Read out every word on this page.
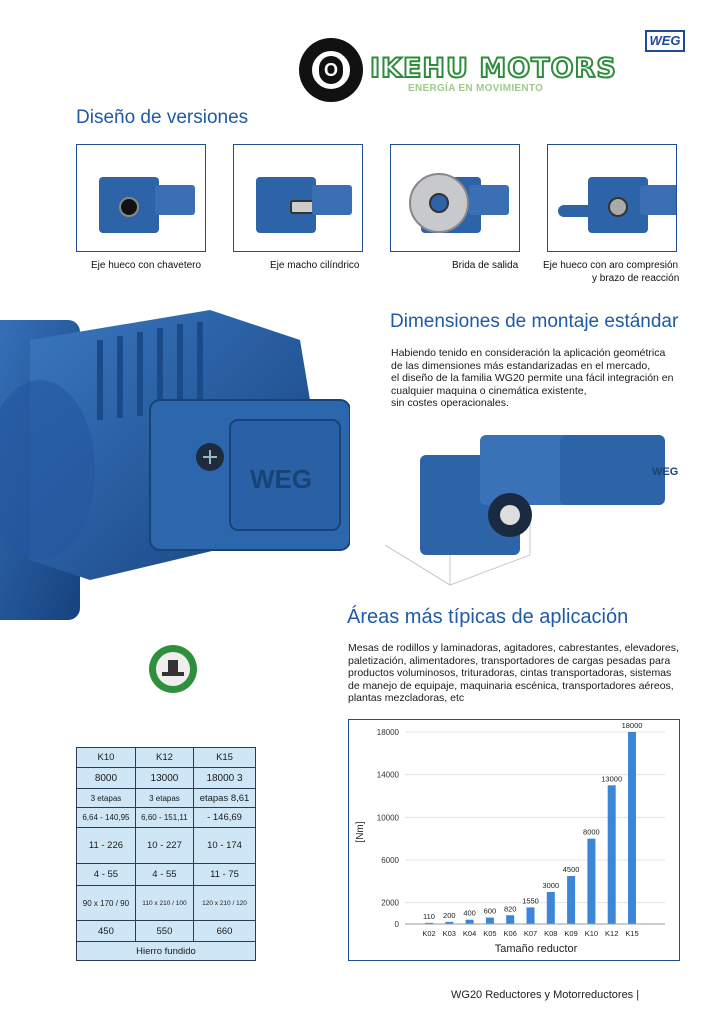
O IKEHU MOTORS
ENERGÍA EN MOVIMIENTO
WEG
Diseño de versiones
Eje hueco con chavetero	Eje macho cilíndrico	Brida de salida Eje hueco con aro compresión
y brazo de reacción
WEG
Dimensiones de montaje estándar

Habiendo tenido en consideración la aplicación geométrica

de las dimensiones más estandarizadas en el mercado,

el diseño de la familia WG20 permite una fácil integración en

cualquier maquina o cinemática existente,

sin costes operacionales.

WEG
Áreas más típicas de aplicación

Mesas de rodillos y laminadoras, agitadores, cabrestantes, elevadores,

paletización, alimentadores, transportadores de cargas pesadas para

productos voluminosos, trituradoras, cintas transportadoras, sistemas

de manejo de equipaje, maquinaria escénica, transportadores aéreos,

plantas mezcladoras, etc

K10	K12	K15
8000	13000	18000 3
3 etapas	3 etapas	etapas 8,61
6,64 - 140,95	6,60 - 151,11	- 146,69
11 - 226	10 - 227	10 - 174
4 - 55	4 - 55	11 - 75
90 x 170 / 90	110 x 210 / 100	120 x 210 / 120
450	550	660
Hierro fundido		
0
2000
6000
10000
14000
18000
110
K02
200
K03
400
K04
600
K05
820
K06
1550
K07
3000
K08
4500
K09
8000
K10
13000
K12
18000
K15
[Nm]
Tamaño reductor
WG20 Reductores y Motorreductores |
